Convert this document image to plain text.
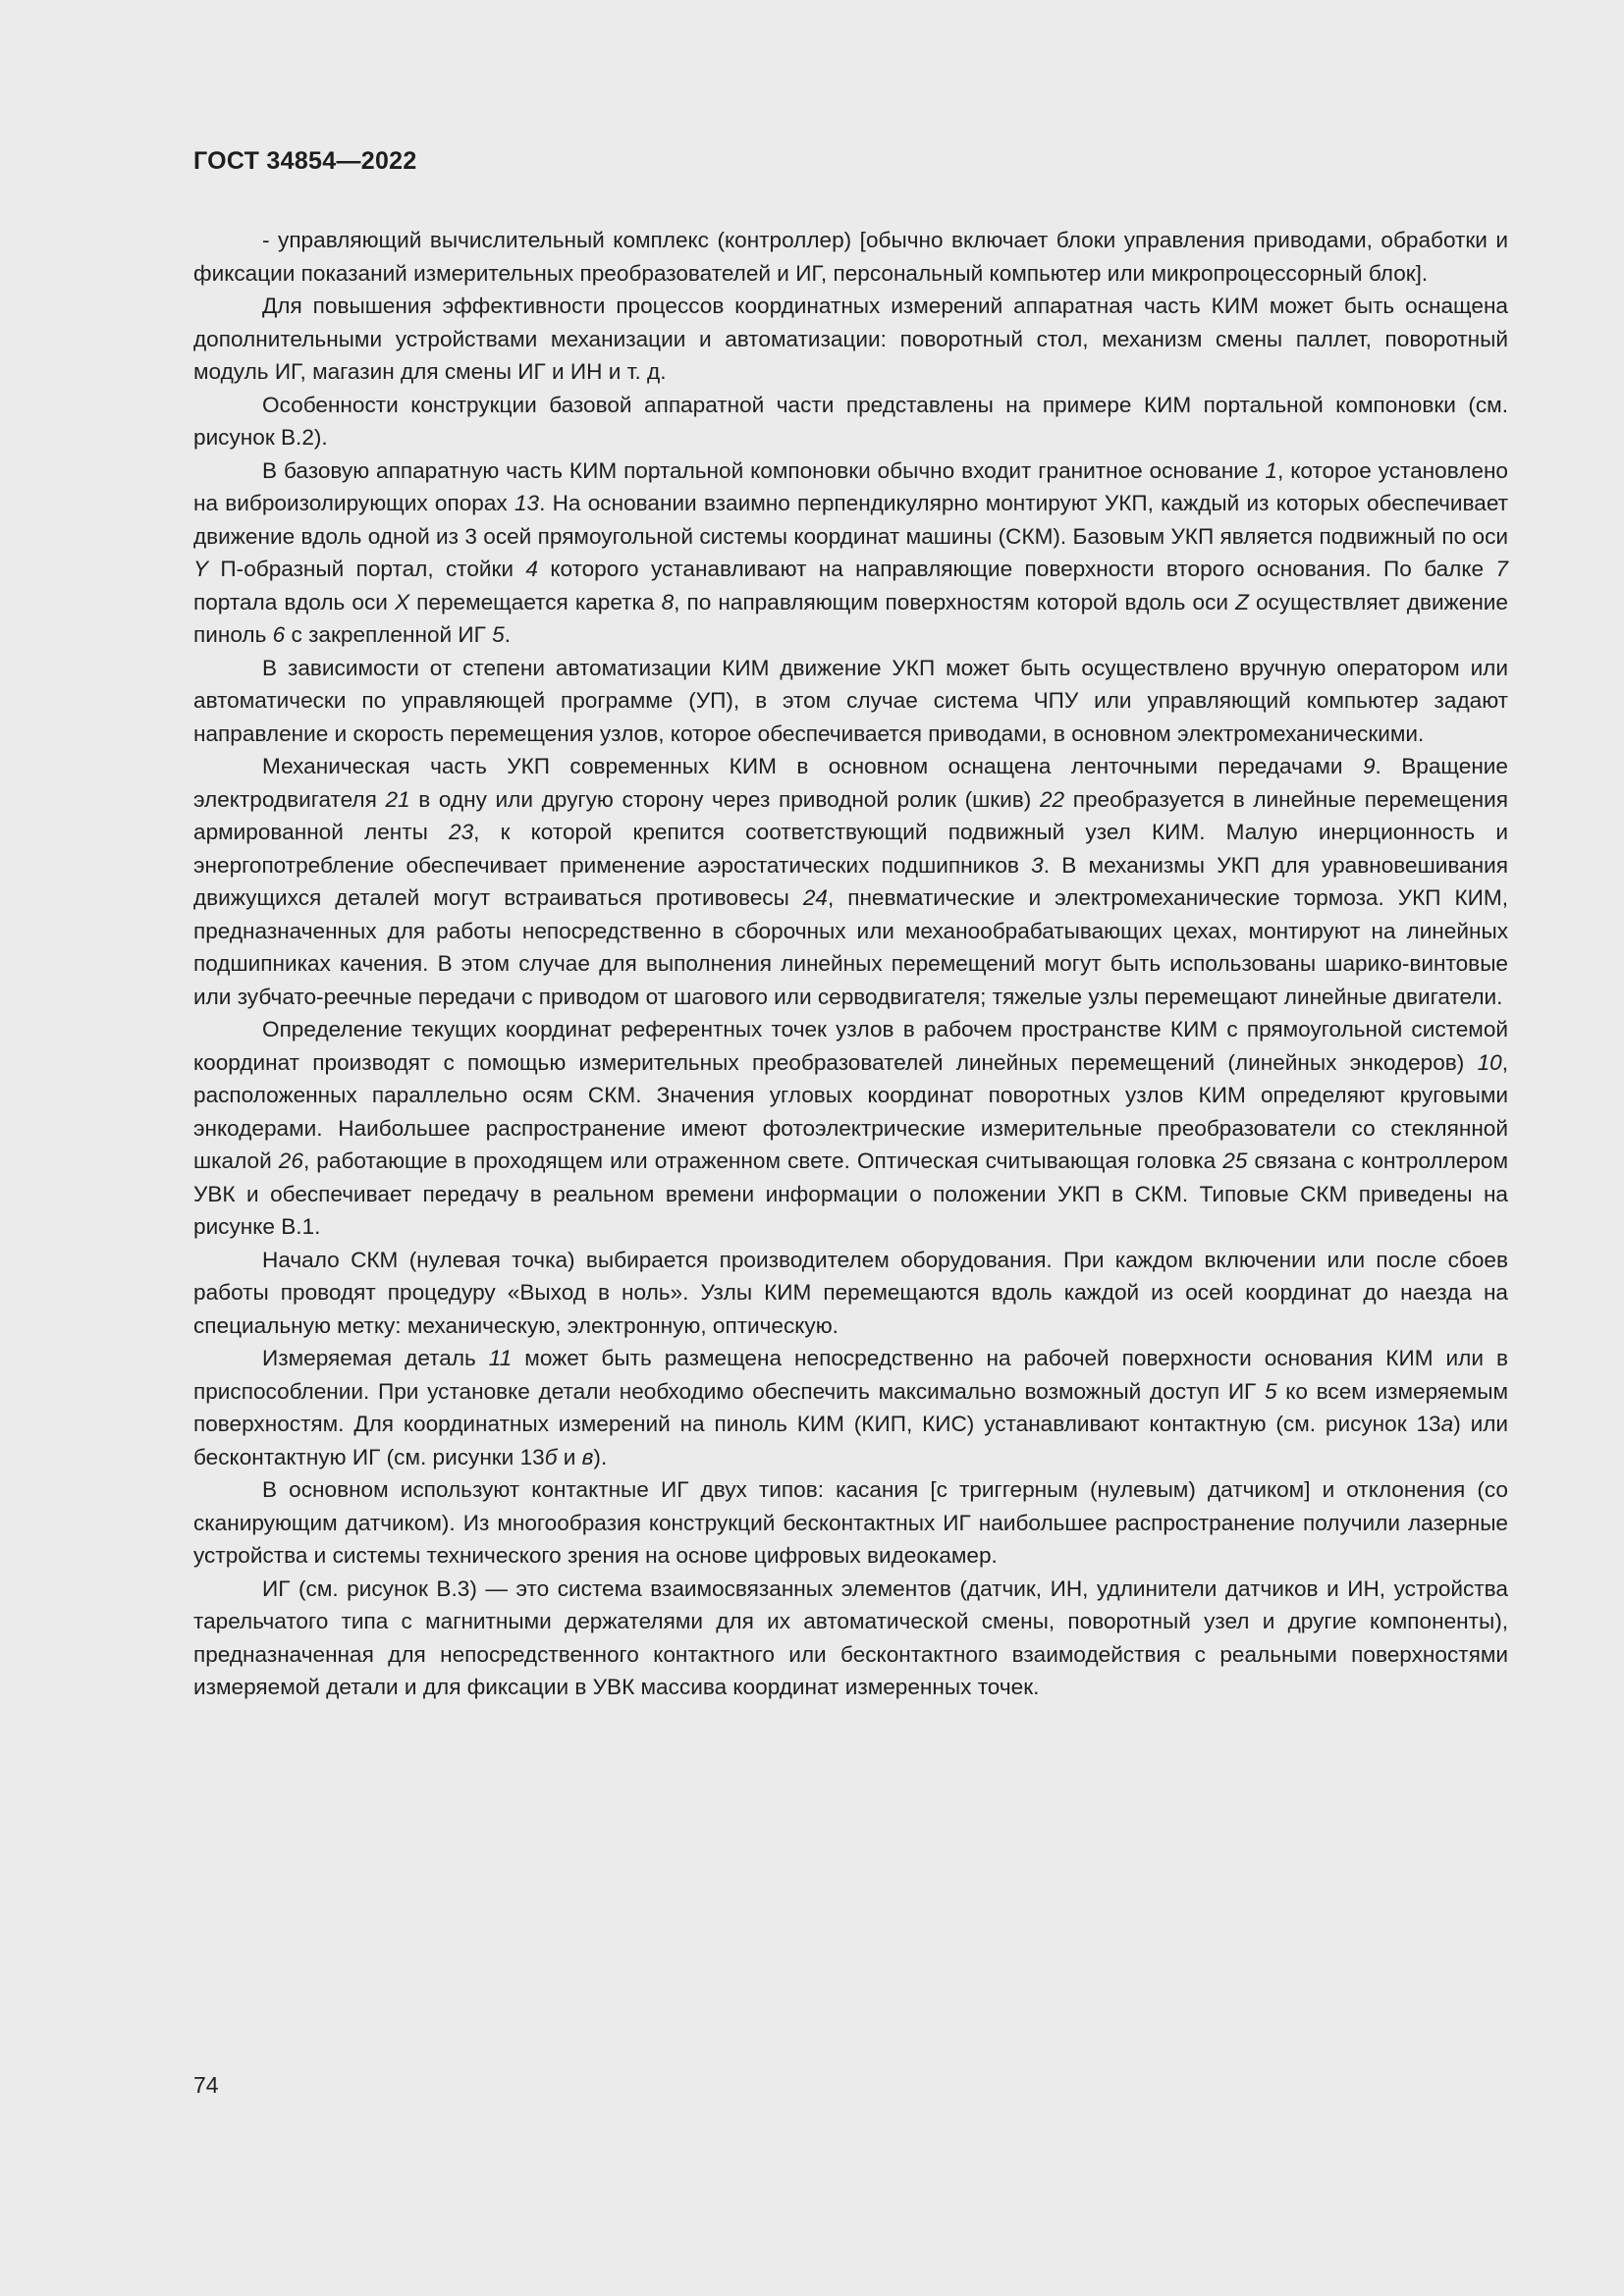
ГОСТ 34854—2022

- управляющий вычислительный комплекс (контроллер) [обычно включает блоки управления приводами, обработки и фиксации показаний измерительных преобразователей и ИГ, персональный компьютер или микропроцессорный блок].

Для повышения эффективности процессов координатных измерений аппаратная часть КИМ может быть оснащена дополнительными устройствами механизации и автоматизации: поворотный стол, механизм смены паллет, поворотный модуль ИГ, магазин для смены ИГ и ИН и т. д.

Особенности конструкции базовой аппаратной части представлены на примере КИМ портальной компоновки (см. рисунок В.2).

В базовую аппаратную часть КИМ портальной компоновки обычно входит гранитное основание 1, которое установлено на виброизолирующих опорах 13. На основании взаимно перпендикулярно монтируют УКП, каждый из которых обеспечивает движение вдоль одной из 3 осей прямоугольной системы координат машины (СКМ). Базовым УКП является подвижный по оси Y П-образный портал, стойки 4 которого устанавливают на направляющие поверхности второго основания. По балке 7 портала вдоль оси X перемещается каретка 8, по направляющим поверхностям которой вдоль оси Z осуществляет движение пиноль 6 с закрепленной ИГ 5.

В зависимости от степени автоматизации КИМ движение УКП может быть осуществлено вручную оператором или автоматически по управляющей программе (УП), в этом случае система ЧПУ или управляющий компьютер задают направление и скорость перемещения узлов, которое обеспечивается приводами, в основном электромеханическими.

Механическая часть УКП современных КИМ в основном оснащена ленточными передачами 9. Вращение электродвигателя 21 в одну или другую сторону через приводной ролик (шкив) 22 преобразуется в линейные перемещения армированной ленты 23, к которой крепится соответствующий подвижный узел КИМ. Малую инерционность и энергопотребление обеспечивает применение аэростатических подшипников 3. В механизмы УКП для уравновешивания движущихся деталей могут встраиваться противовесы 24, пневматические и электромеханические тормоза. УКП КИМ, предназначенных для работы непосредственно в сборочных или механообрабатывающих цехах, монтируют на линейных подшипниках качения. В этом случае для выполнения линейных перемещений могут быть использованы шарико-винтовые или зубчато-реечные передачи с приводом от шагового или серводвигателя; тяжелые узлы перемещают линейные двигатели.

Определение текущих координат референтных точек узлов в рабочем пространстве КИМ с прямоугольной системой координат производят с помощью измерительных преобразователей линейных перемещений (линейных энкодеров) 10, расположенных параллельно осям СКМ. Значения угловых координат поворотных узлов КИМ определяют круговыми энкодерами. Наибольшее распространение имеют фотоэлектрические измерительные преобразователи со стеклянной шкалой 26, работающие в проходящем или отраженном свете. Оптическая считывающая головка 25 связана с контроллером УВК и обеспечивает передачу в реальном времени информации о положении УКП в СКМ. Типовые СКМ приведены на рисунке В.1.

Начало СКМ (нулевая точка) выбирается производителем оборудования. При каждом включении или после сбоев работы проводят процедуру «Выход в ноль». Узлы КИМ перемещаются вдоль каждой из осей координат до наезда на специальную метку: механическую, электронную, оптическую.

Измеряемая деталь 11 может быть размещена непосредственно на рабочей поверхности основания КИМ или в приспособлении. При установке детали необходимо обеспечить максимально возможный доступ ИГ 5 ко всем измеряемым поверхностям. Для координатных измерений на пиноль КИМ (КИП, КИС) устанавливают контактную (см. рисунок 13а) или бесконтактную ИГ (см. рисунки 13б и в).

В основном используют контактные ИГ двух типов: касания [с триггерным (нулевым) датчиком] и отклонения (со сканирующим датчиком). Из многообразия конструкций бесконтактных ИГ наибольшее распространение получили лазерные устройства и системы технического зрения на основе цифровых видеокамер.

ИГ (см. рисунок В.3) — это система взаимосвязанных элементов (датчик, ИН, удлинители датчиков и ИН, устройства тарельчатого типа с магнитными держателями для их автоматической смены, поворотный узел и другие компоненты), предназначенная для непосредственного контактного или бесконтактного взаимодействия с реальными поверхностями измеряемой детали и для фиксации в УВК массива координат измеренных точек.

74
